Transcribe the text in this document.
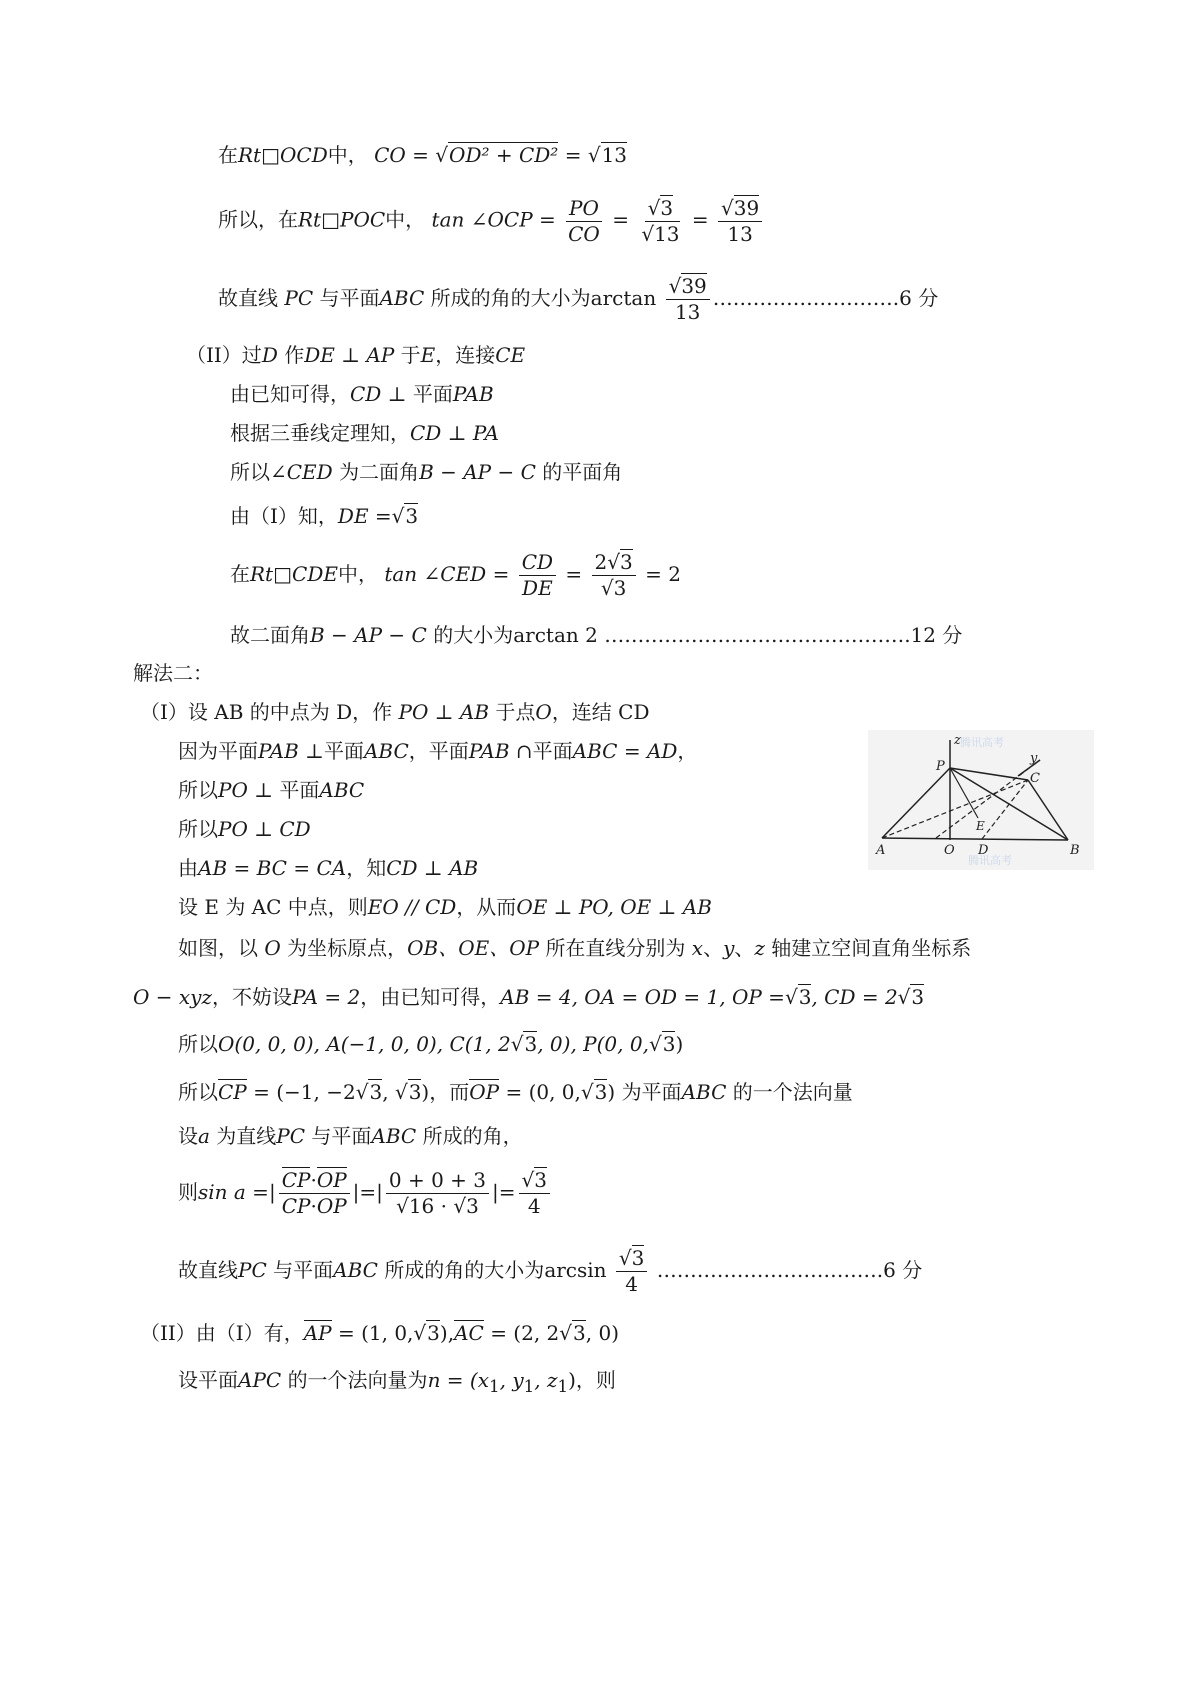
在Rt□OCD中， CO = √OD² + CD² = √13
所以，在Rt□POC中， tan ∠OCP = $\frac{PO}{CO} = \frac{√3}{√13} = \frac{√39}{13}$
故直线 PC 与平面ABC 所成的角的大小为$\arctan \frac{√39}{13}$ ……………………….6 分
（II）过D 作DE ⊥ AP 于E，连接CE
由已知可得，CD ⊥ 平面PAB
根据三垂线定理知，CD ⊥ PA
所以∠CED 为二面角B − AP − C 的平面角
由（I）知，DE =√3
在Rt□CDE中， tan ∠CED = $\frac{CD}{DE} = \frac{2√3}{√3} = 2$
故二面角B − AP − C 的大小为arctan 2 ……………………………………….12 分
解法二：
（I）设 AB 的中点为 D，作 PO ⊥ AB 于点O，连结 CD
因为平面PAB ⊥平面ABC，平面PAB ∩平面ABC = AD，
所以PO ⊥ 平面ABC
所以PO ⊥ CD
由AB = BC = CA，知CD ⊥ AB
设 E 为 AC 中点，则EO // CD，从而OE ⊥ PO, OE ⊥ AB
如图，以 O 为坐标原点，OB、OE、OP 所在直线分别为 x、y、z 轴建立空间直角坐标系
O − xyz，不妨设PA = 2，由已知可得，AB = 4, OA = OD = 1, OP =√3, CD = 2√3
所以O(0, 0, 0), A(−1, 0, 0), C(1, 2√3, 0), P(0, 0,√3)
所以CP = (−1, −2√3, √3)，而OP = (0, 0,√3) 为平面ABC 的一个法向量
设a 为直线PC 与平面ABC 所成的角，
则sin a =| $\frac{CP\cdot OP}{CP\cdot OP}$ |=| $\frac{0 + 0 + 3}{√16 \cdot √3}$ |= $\frac{√3}{4}$
故直线PC 与平面ABC 所成的角的大小为$\arcsin \frac{√3}{4}$ …………………………….6 分
（II）由（I）有，AP = (1, 0,√3),AC = (2, 2√3, 0)
设平面APC 的一个法向量为$n = (x_1$, $y_1$, $z_1$)，则
腾讯高考
腾讯高考
z
y
P
C
E
A	O D	B
